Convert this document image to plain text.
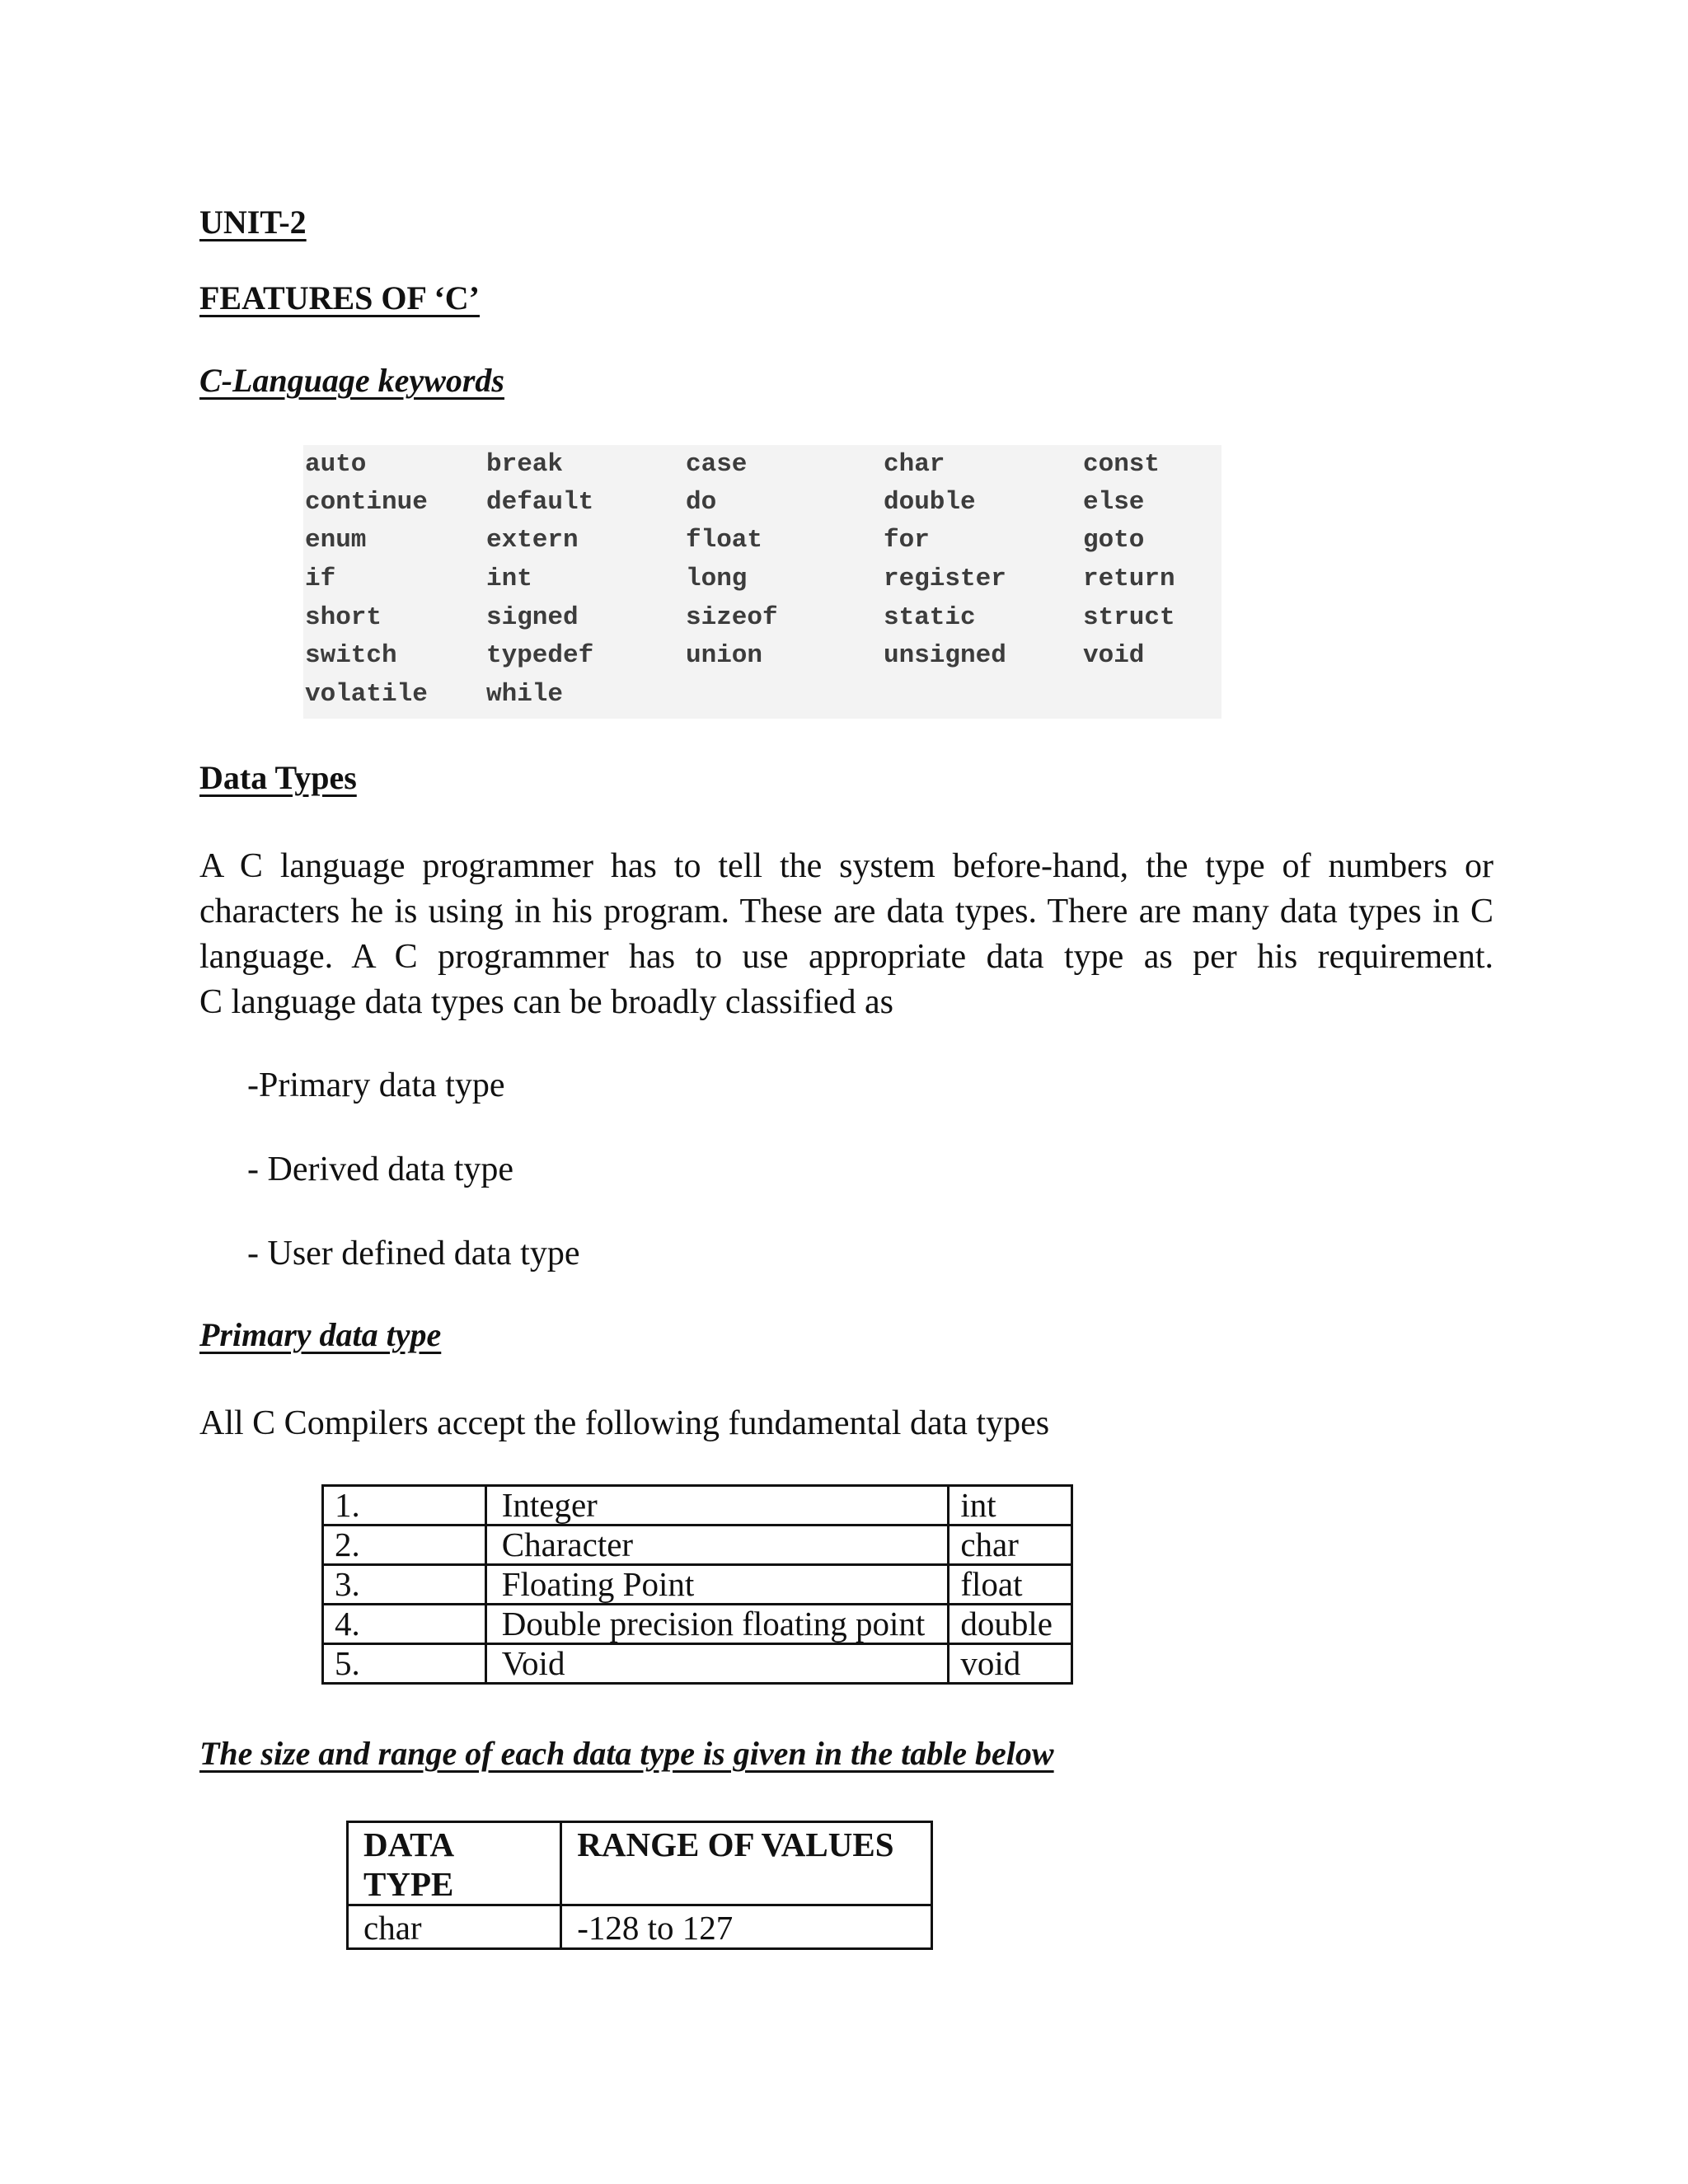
UNIT-2
FEATURES OF ‘C’
C-Language keywords
auto	break	case	char	const
continue default	do	double	else
enum	extern	float	for	goto
if	int	long	register	return
short	signed	sizeof	static	struct
switch	typedef	union	unsigned	void
volatile while
Data Types
A C language programmer has to tell the system before-hand, the type of numbers or
characters he is using in his program. These are data types. There are many data types in C
language. A C programmer has to use appropriate data type as per his requirement.
C language data types can be broadly classified as
-Primary data type
- Derived data type
- User defined data type
Primary data type
All C Compilers accept the following fundamental data types
1.	Integer	int
2.	Character	char
3.	Floating Point	float
4.	Double precision floating point	double
5.	Void	void
The size and range of each data type is given in the table below
DATA TYPE	RANGE OF VALUES
char	-128 to 127
